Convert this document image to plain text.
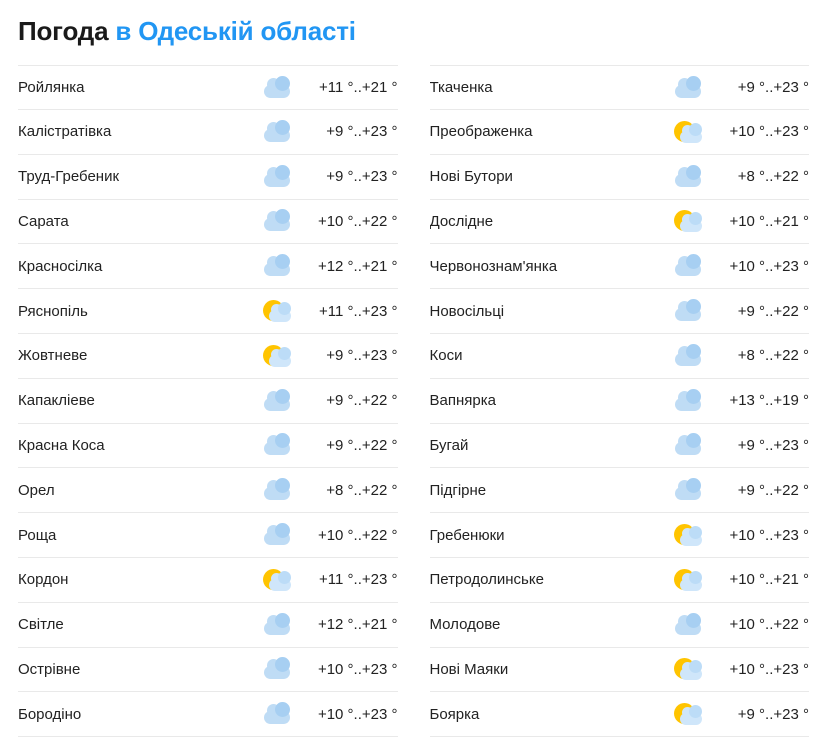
Погода в Одеській області
Ройлянка	+11 °..+21 °
Калістратівка	+9 °..+23 °
Труд-Гребеник	+9 °..+23 °
Сарата	+10 °..+22 °
Красносілка	+12 °..+21 °
Ряснопіль	+11 °..+23 °
Жовтневе	+9 °..+23 °
Капакліеве	+9 °..+22 °
Красна Коса	+9 °..+22 °
Орел	+8 °..+22 °
Роща	+10 °..+22 °
Кордон	+11 °..+23 °
Світле	+12 °..+21 °
Острівне	+10 °..+23 °
Бородіно	+10 °..+23 °
Ткаченка	+9 °..+23 °
Преображенка	+10 °..+23 °
Нові Бутори	+8 °..+22 °
Дослідне	+10 °..+21 °
Червонознам'янка	+10 °..+23 °
Новосільці	+9 °..+22 °
Коси	+8 °..+22 °
Вапнярка	+13 °..+19 °
Бугай	+9 °..+23 °
Підгірне	+9 °..+22 °
Гребенюки	+10 °..+23 °
Петродолинське	+10 °..+21 °
Молодове	+10 °..+22 °
Нові Маяки	+10 °..+23 °
Боярка	+9 °..+23 °
